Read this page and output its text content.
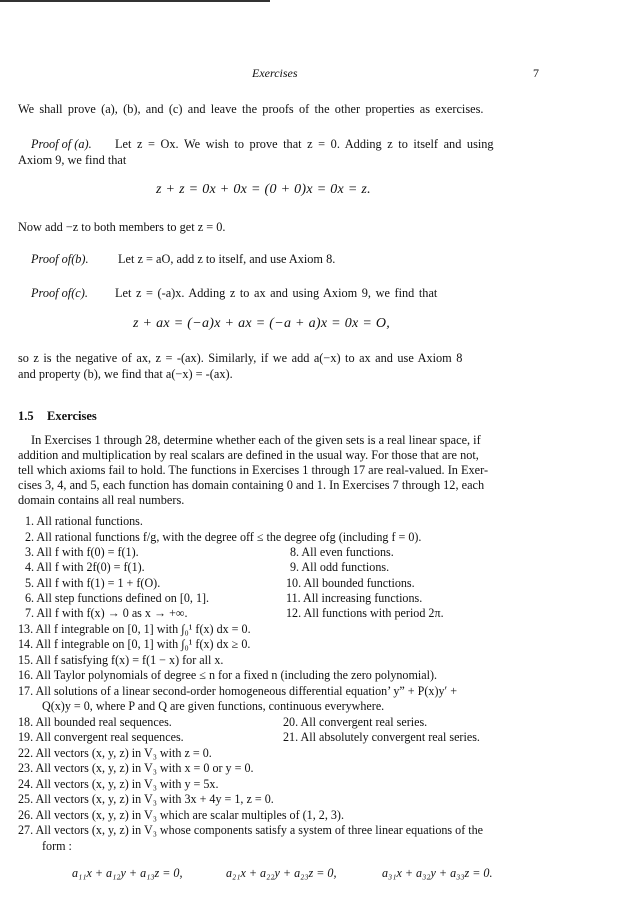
Exercises	7
We shall prove (a), (b), and (c) and leave the proofs of the other properties as exercises.
Proof of (a). Let z = Ox. We wish to prove that z = 0. Adding z to itself and using
Axiom 9, we find that
z + z = 0x + 0x = (0 + 0)x = 0x = z.
Now add −z to both members to get z = 0.
Proof of(b). Let z = aO, add z to itself, and use Axiom 8.
Proof of(c). Let z = (-a)x. Adding z to ax and using Axiom 9, we find that
z + ax = (−a)x + ax = (−a + a)x = 0x = O,
so z is the negative of ax, z = -(ax). Similarly, if we add a(−x) to ax and use Axiom 8
and property (b), we find that a(−x) = -(ax).
1.5 Exercises
In Exercises 1 through 28, determine whether each of the given sets is a real linear space, if
addition and multiplication by real scalars are defined in the usual way. For those that are not,
tell which axioms fail to hold. The functions in Exercises 1 through 17 are real-valued. In Exer-
cises 3, 4, and 5, each function has domain containing 0 and 1. In Exercises 7 through 12, each
domain contains all real numbers.
1. All rational functions.
2. All rational functions f/g, with the degree off ≤ the degree ofg (including f = 0).
3. All f with f(0) = f(1).	8. All even functions.
4. All f with 2f(0) = f(1).	9. All odd functions.
5. All f with f(1) = 1 + f(O).	10. All bounded functions.
6. All step functions defined on [0, 1].	11. All increasing functions.
7. All f with f(x) → 0 as x → +∞.	12. All functions with period 2π.
13. All f integrable on [0, 1] with ∫₀¹ f(x) dx = 0.
14. All f integrable on [0, 1] with ∫₀¹ f(x) dx ≥ 0.
15. All f satisfying f(x) = f(1 − x) for all x.
16. All Taylor polynomials of degree ≤ n for a fixed n (including the zero polynomial).
17. All solutions of a linear second-order homogeneous differential equation’ y” + P(x)y′ +
Q(x)y = 0, where P and Q are given functions, continuous everywhere.
18. All bounded real sequences.	20. All convergent real series.
19. All convergent real sequences.	21. All absolutely convergent real series.
22. All vectors (x, y, z) in V₃ with z = 0.
23. All vectors (x, y, z) in V₃ with x = 0 or y = 0.
24. All vectors (x, y, z) in V₃ with y = 5x.
25. All vectors (x, y, z) in V₃ with 3x + 4y = 1, z = 0.
26. All vectors (x, y, z) in V₃ which are scalar multiples of (1, 2, 3).
27. All vectors (x, y, z) in V₃ whose components satisfy a system of three linear equations of the
form :
a₁₁x + a₁₂y + a₁₃z = 0,	a₂₁x + a₂₂y + a₂₃z = 0,	a₃₁x + a₃₂y + a₃₃z = 0.
